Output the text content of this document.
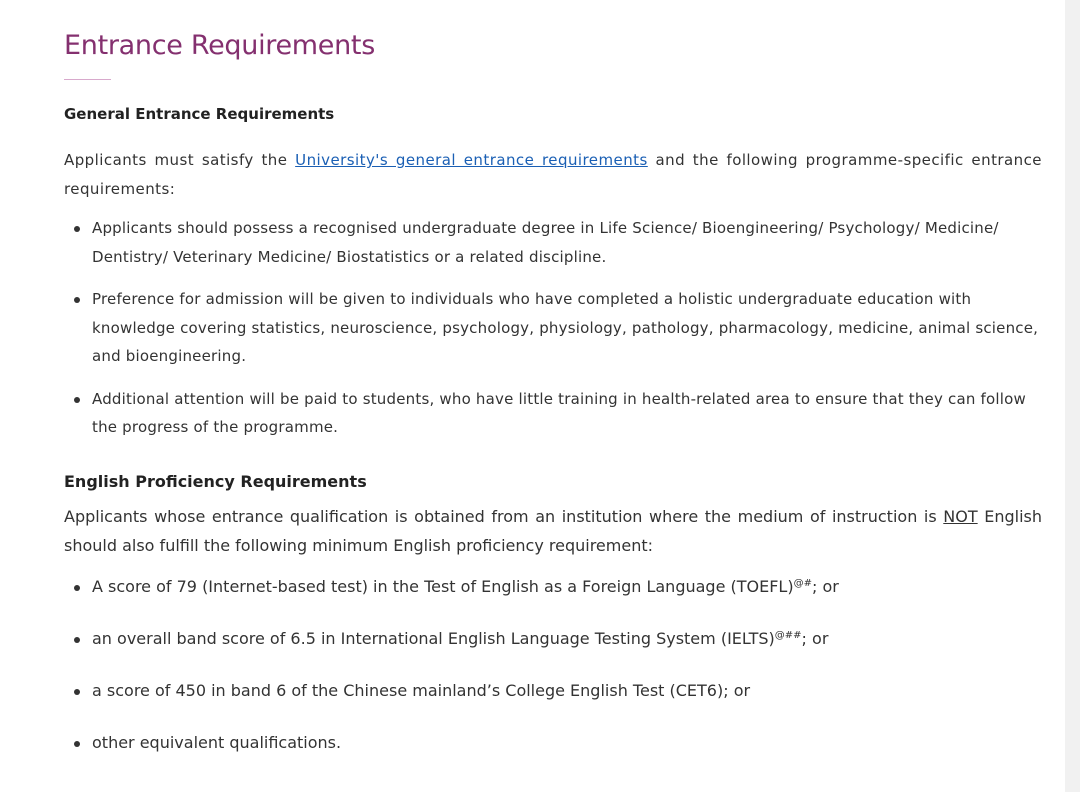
Entrance Requirements
General Entrance Requirements

Applicants must satisfy the University's general entrance requirements and the following programme-specific entrance requirements:

Applicants should possess a recognised undergraduate degree in Life Science/ Bioengineering/ Psychology/ Medicine/ Dentistry/ Veterinary Medicine/ Biostatistics or a related discipline.
Preference for admission will be given to individuals who have completed a holistic undergraduate education with knowledge covering statistics, neuroscience, psychology, physiology, pathology, pharmacology, medicine, animal science, and bioengineering.
Additional attention will be paid to students, who have little training in health-related area to ensure that they can follow the progress of the programme.
English Proficiency Requirements

Applicants whose entrance qualification is obtained from an institution where the medium of instruction is NOT English should also fulfill the following minimum English proficiency requirement:

A score of 79 (Internet-based test) in the Test of English as a Foreign Language (TOEFL)@#; or
an overall band score of 6.5 in International English Language Testing System (IELTS)@##; or
a score of 450 in band 6 of the Chinese mainland’s College English Test (CET6); or
other equivalent qualifications.
